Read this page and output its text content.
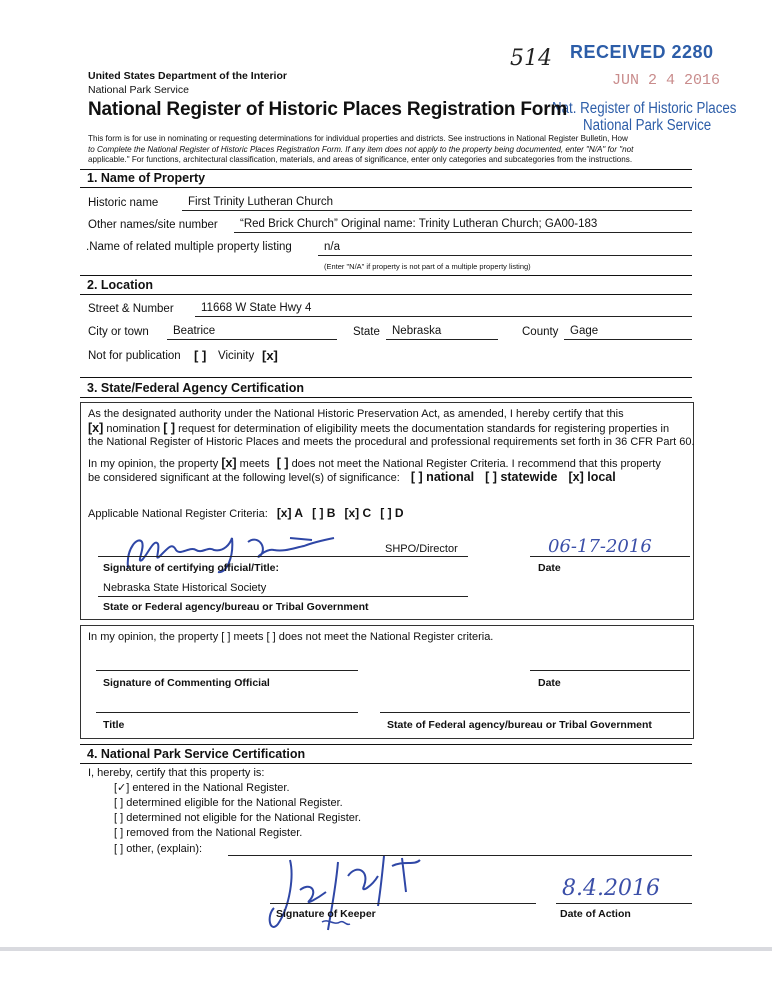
514 RECEIVED 2280
JUN 2 4 2016
Nat. Register of Historic Places
National Park Service
United States Department of the Interior
National Park Service
National Register of Historic Places Registration Form
This form is for use in nominating or requesting determinations for individual properties and districts. See instructions in National Register Bulletin, How
to Complete the National Register of Historic Places Registration Form. If any item does not apply to the property being documented, enter "N/A" for "not
applicable." For functions, architectural classification, materials, and areas of significance, enter only categories and subcategories from the instructions.
1. Name of Property
Historic name	First Trinity Lutheran Church
Other names/site number	“Red Brick Church” Original name: Trinity Lutheran Church; GA00-183
.Name of related multiple property listing	n/a
(Enter "N/A" if property is not part of a multiple property listing)
2. Location
Street & Number	11668 W State Hwy 4
City or town	Beatrice	State	Nebraska	County	Gage
Not for publication [ ] Vicinity [x]
3. State/Federal Agency Certification
As the designated authority under the National Historic Preservation Act, as amended, I hereby certify that this
[x] nomination [ ] request for determination of eligibility meets the documentation standards for registering properties in
the National Register of Historic Places and meets the procedural and professional requirements set forth in 36 CFR Part 60.
In my opinion, the property [x] meets [ ] does not meet the National Register Criteria. I recommend that this property
be considered significant at the following level(s) of significance: [ ] national [ ] statewide [x] local
Applicable National Register Criteria: [x] A [ ] B [x] C [ ] D
SHPO/Director	06-17-2016
Signature of certifying official/Title:	Date
Nebraska State Historical Society
State or Federal agency/bureau or Tribal Government
In my opinion, the property [ ] meets [ ] does not meet the National Register criteria.
Signature of Commenting Official	Date
Title	State of Federal agency/bureau or Tribal Government
4. National Park Service Certification
I, hereby, certify that this property is:
[✓] entered in the National Register.
[ ] determined eligible for the National Register.
[ ] determined not eligible for the National Register.
[ ] removed from the National Register.
[ ] other, (explain):
Signature of Keeper
8.4.2016
Date of Action
